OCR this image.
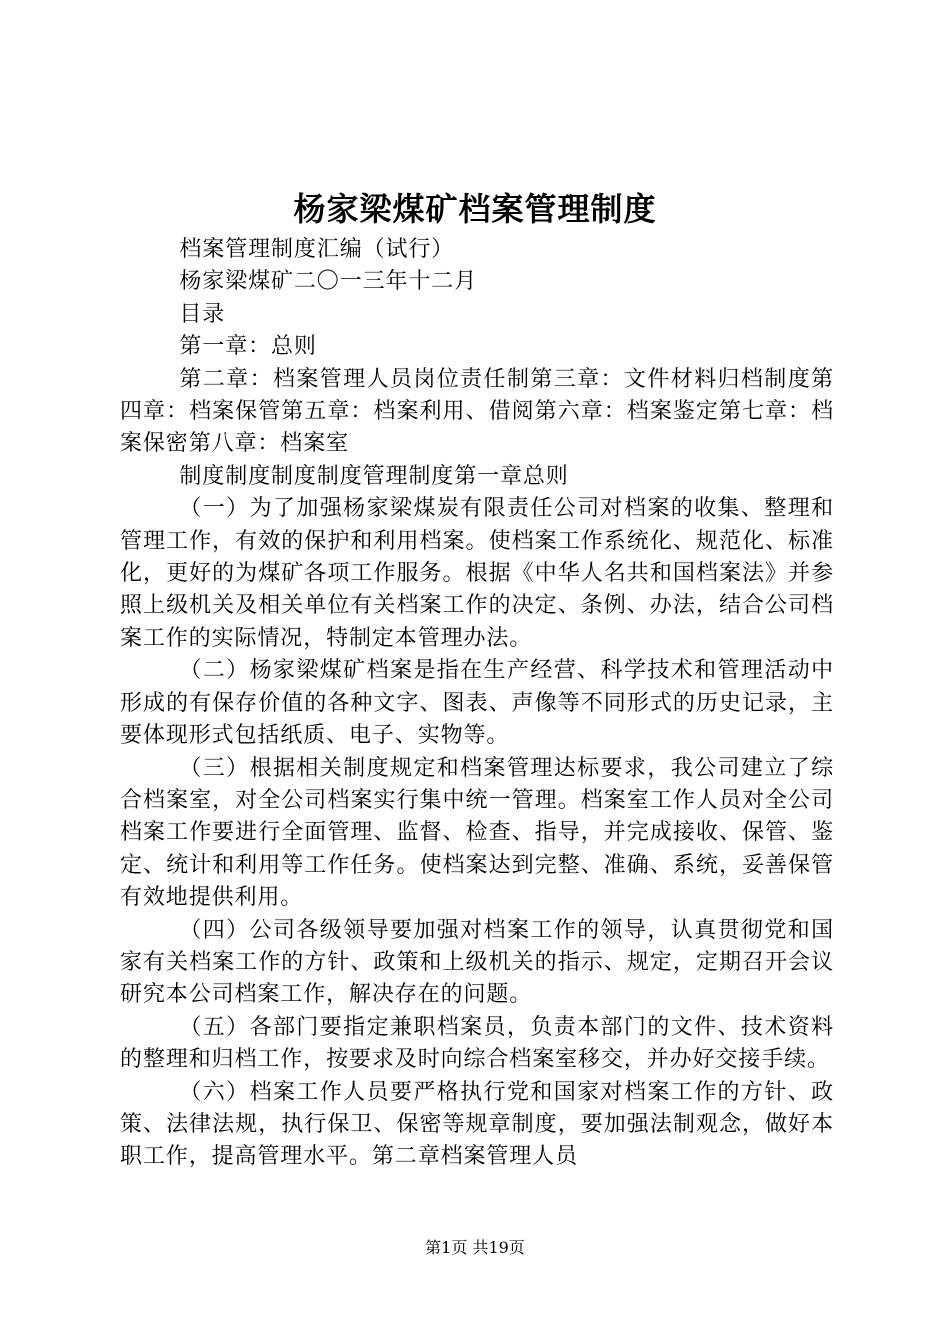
杨家梁煤矿档案管理制度

档案管理制度汇编（试行）

杨家梁煤矿二〇一三年十二月

目录

第一章：总则

第二章：档案管理人员岗位责任制第三章：文件材料归档制度第四章：档案保管第五章：档案利用、借阅第六章：档案鉴定第七章：档案保密第八章：档案室

制度制度制度制度管理制度第一章总则

（一）为了加强杨家梁煤炭有限责任公司对档案的收集、整理和管理工作，有效的保护和利用档案。使档案工作系统化、规范化、标准化，更好的为煤矿各项工作服务。根据《中华人名共和国档案法》并参照上级机关及相关单位有关档案工作的决定、条例、办法，结合公司档案工作的实际情况，特制定本管理办法。

（二）杨家梁煤矿档案是指在生产经营、科学技术和管理活动中形成的有保存价值的各种文字、图表、声像等不同形式的历史记录，主要体现形式包括纸质、电子、实物等。

（三）根据相关制度规定和档案管理达标要求，我公司建立了综合档案室，对全公司档案实行集中统一管理。档案室工作人员对全公司档案工作要进行全面管理、监督、检查、指导，并完成接收、保管、鉴定、统计和利用等工作任务。使档案达到完整、准确、系统，妥善保管有效地提供利用。

（四）公司各级领导要加强对档案工作的领导，认真贯彻党和国家有关档案工作的方针、政策和上级机关的指示、规定，定期召开会议研究本公司档案工作，解决存在的问题。

（五）各部门要指定兼职档案员，负责本部门的文件、技术资料的整理和归档工作，按要求及时向综合档案室移交，并办好交接手续。

（六）档案工作人员要严格执行党和国家对档案工作的方针、政策、法律法规，执行保卫、保密等规章制度，要加强法制观念，做好本职工作，提高管理水平。第二章档案管理人员

第1页 共19页
